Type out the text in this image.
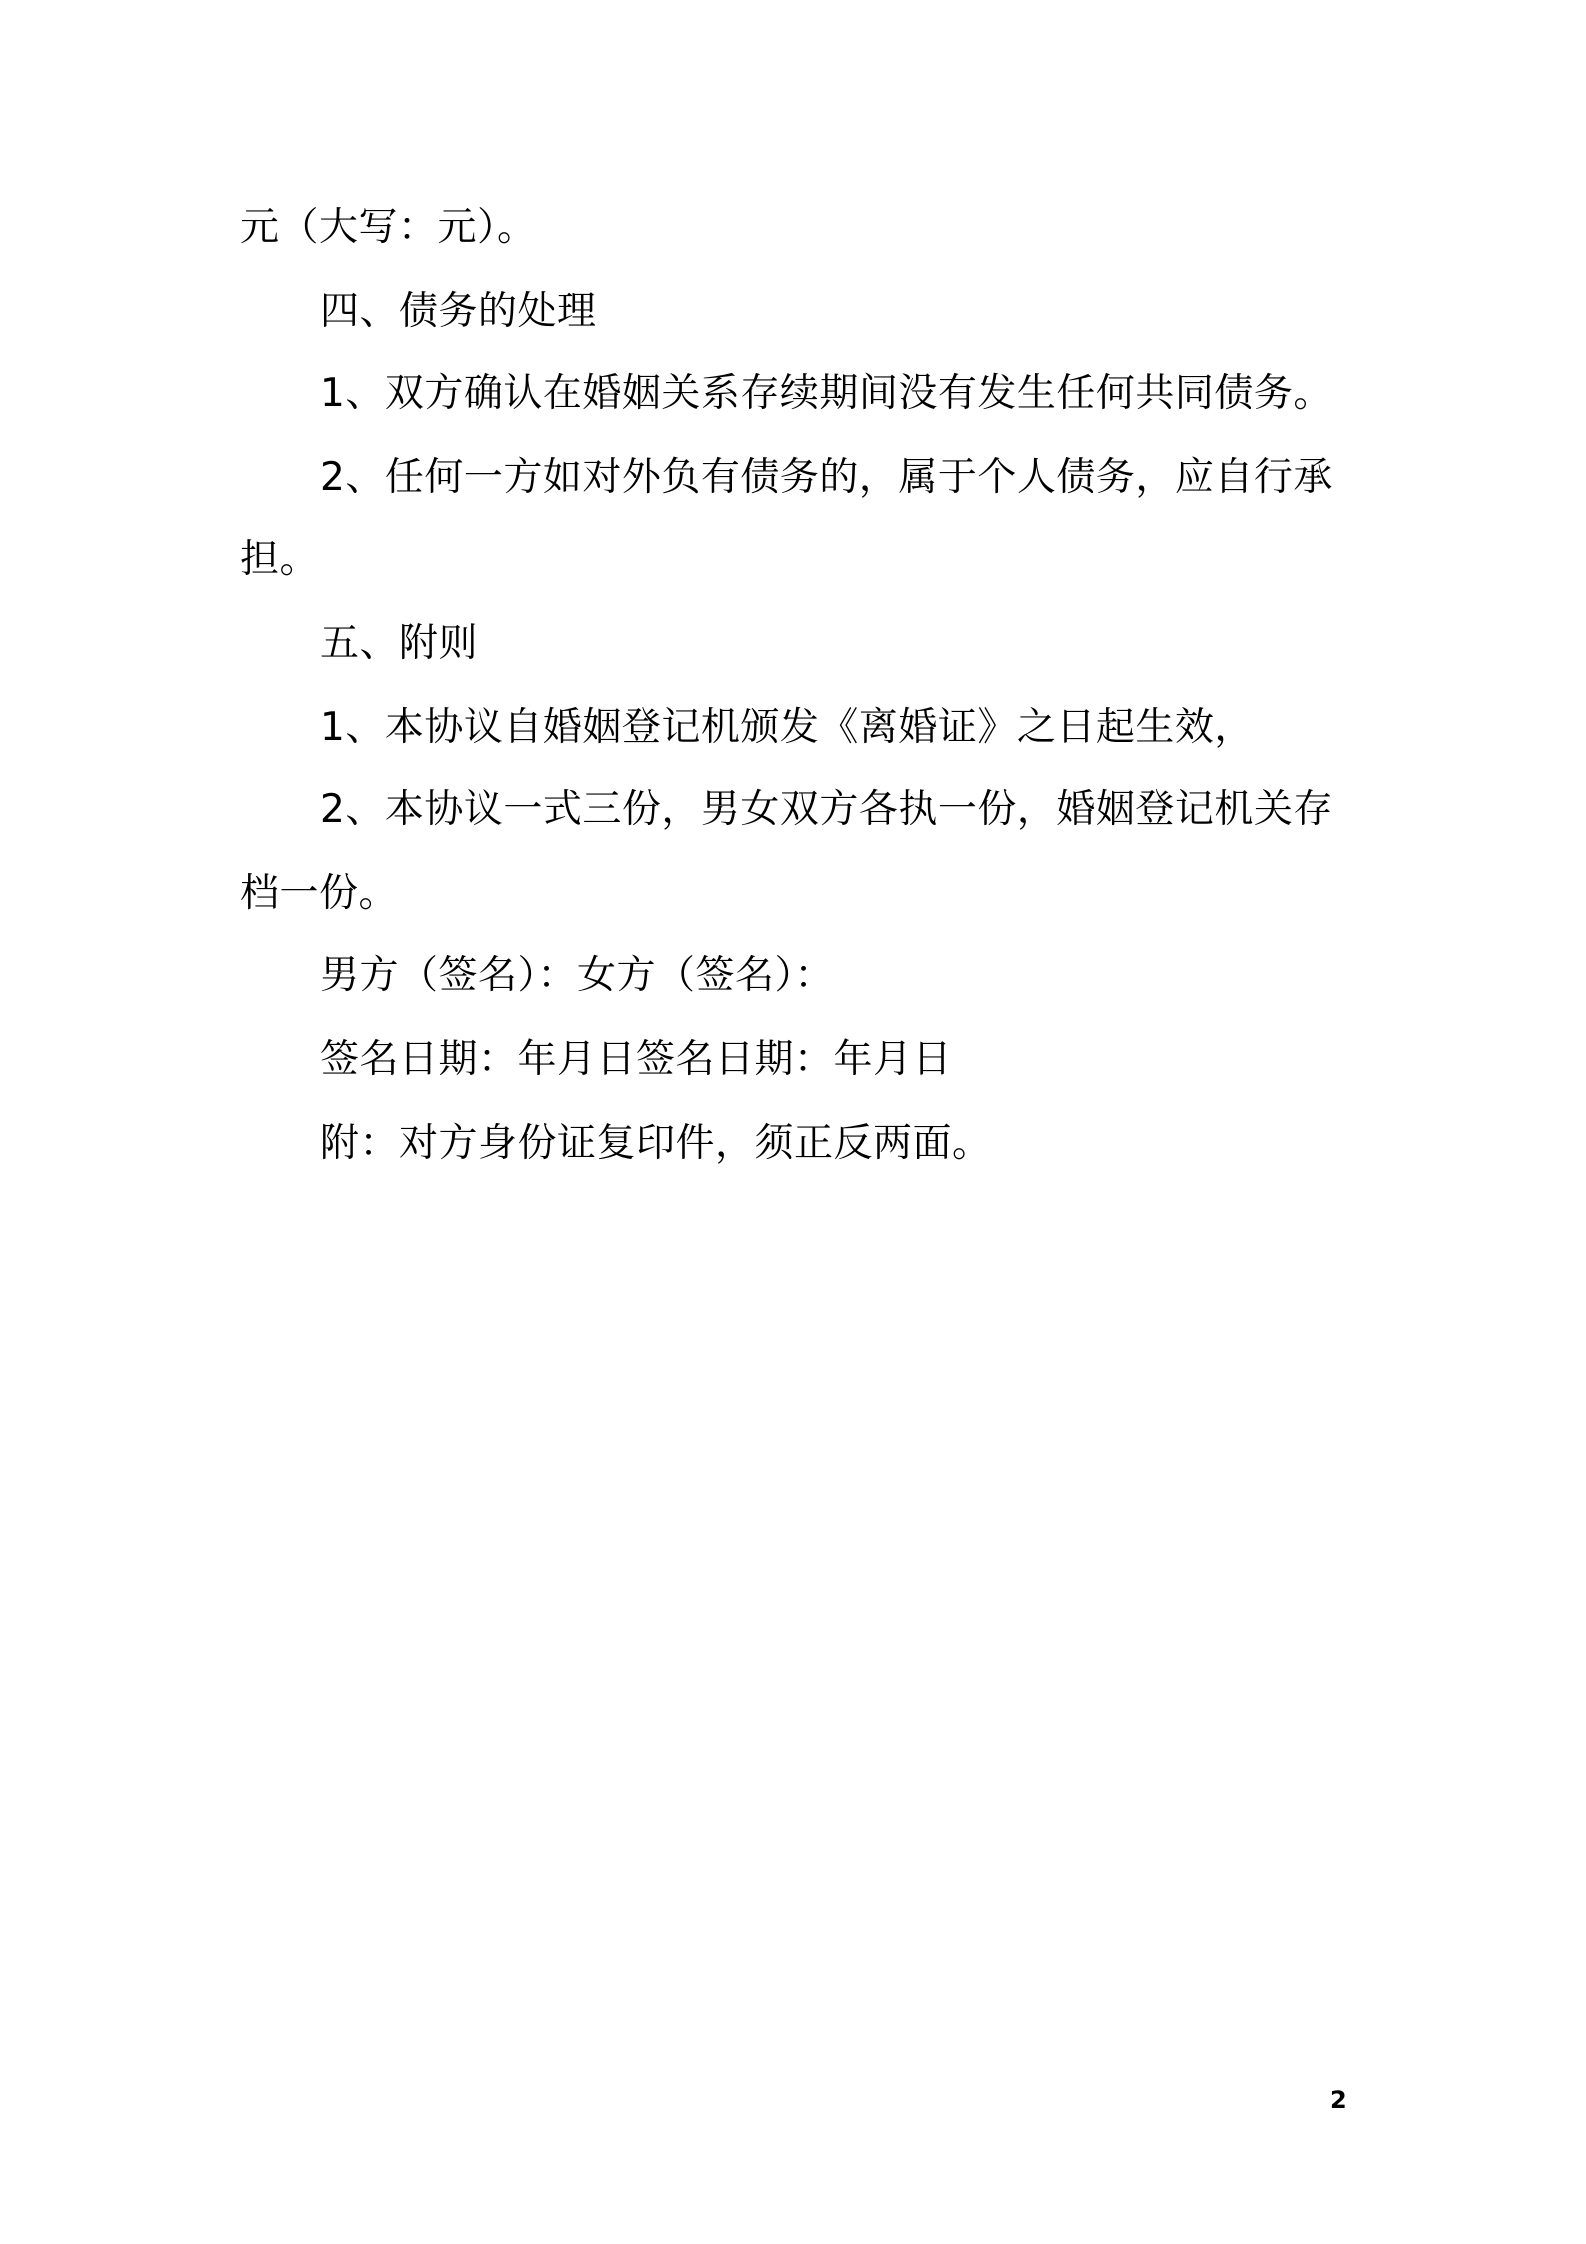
元（大写：元）。
四、债务的处理
1、双方确认在婚姻关系存续期间没有发生任何共同债务。
2、任何一方如对外负有债务的，属于个人债务，应自行承
担。
五、附则
1、本协议自婚姻登记机颁发《离婚证》之日起生效，
2、本协议一式三份，男女双方各执一份，婚姻登记机关存
档一份。
男方（签名）：女方（签名）：
签名日期：年月日签名日期：年月日
附：对方身份证复印件，须正反两面。
2
